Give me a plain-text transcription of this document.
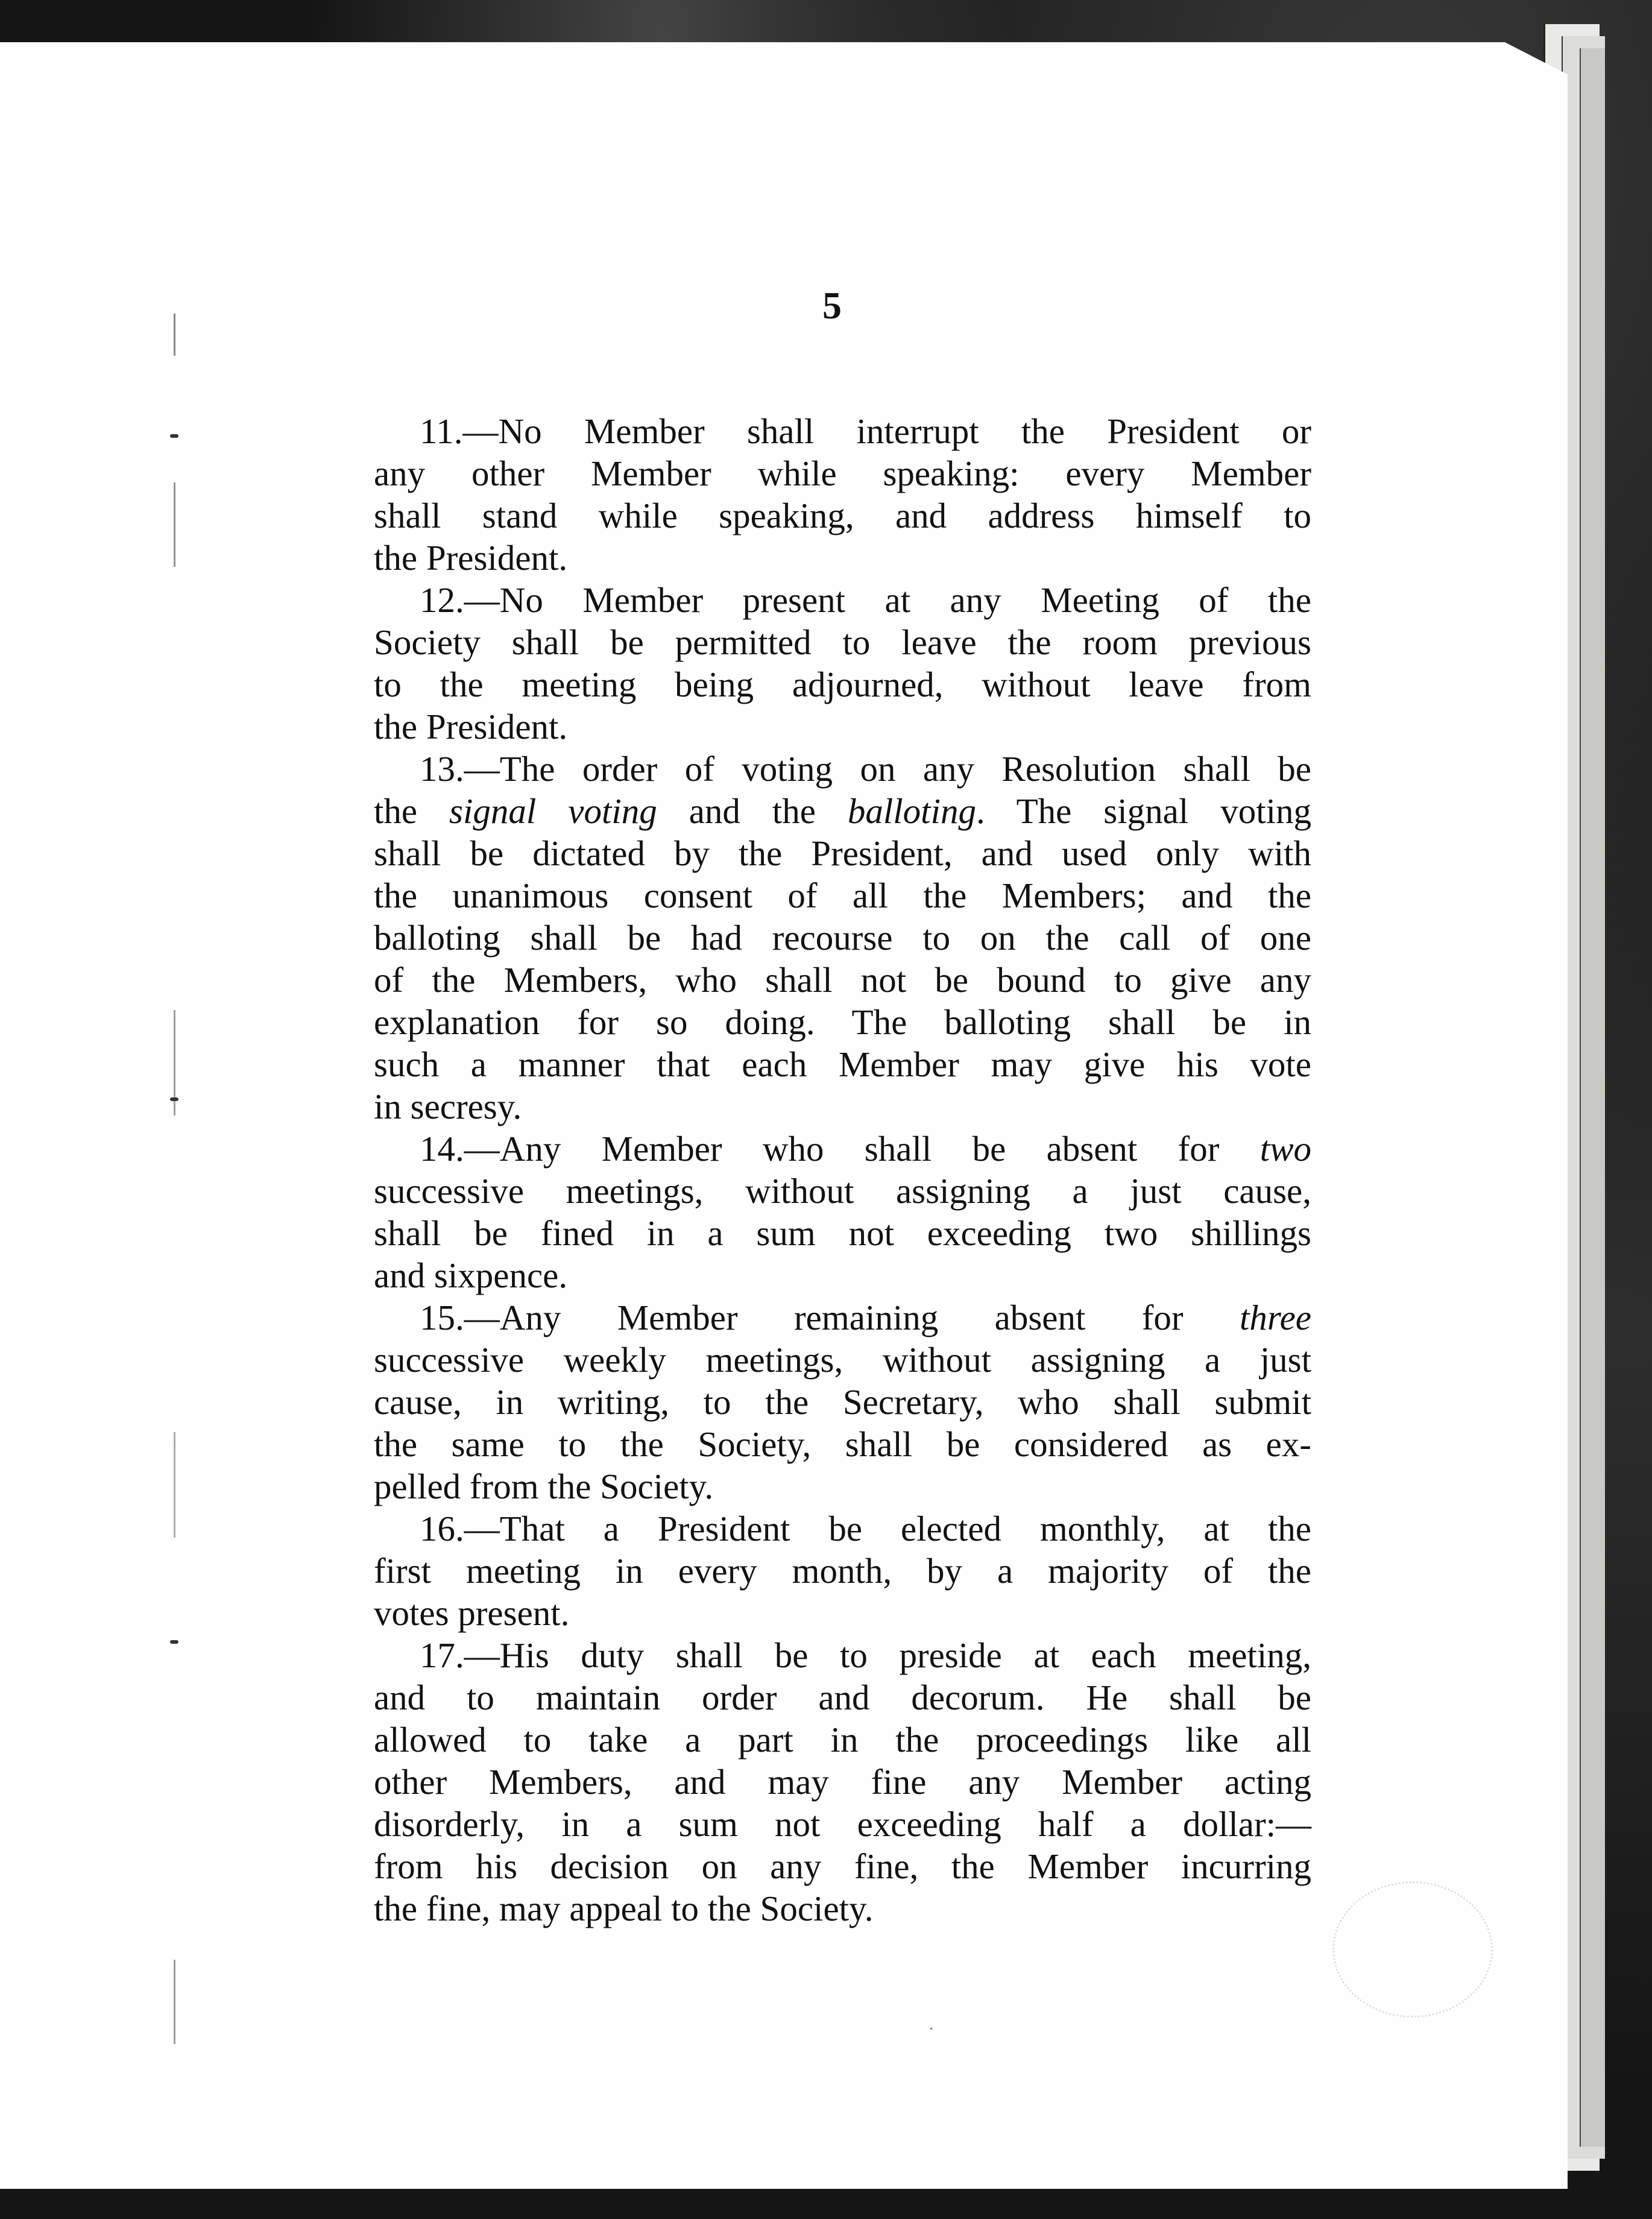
5
11.—No Member shall interrupt the President or
any other Member while speaking: every Member
shall stand while speaking, and address himself to
the President.
12.—No Member present at any Meeting of the
Society shall be permitted to leave the room previous
to the meeting being adjourned, without leave from
the President.
13.—The order of voting on any Resolution shall be
the signal voting and the balloting. The signal voting
shall be dictated by the President, and used only with
the unanimous consent of all the Members; and the
balloting shall be had recourse to on the call of one
of the Members, who shall not be bound to give any
explanation for so doing. The balloting shall be in
such a manner that each Member may give his vote
in secresy.
14.—Any Member who shall be absent for two
successive meetings, without assigning a just cause,
shall be fined in a sum not exceeding two shillings
and sixpence.
15.—Any Member remaining absent for three
successive weekly meetings, without assigning a just
cause, in writing, to the Secretary, who shall submit
the same to the Society, shall be considered as ex-
pelled from the Society.
16.—That a President be elected monthly, at the
first meeting in every month, by a majority of the
votes present.
17.—His duty shall be to preside at each meeting,
and to maintain order and decorum. He shall be
allowed to take a part in the proceedings like all
other Members, and may fine any Member acting
disorderly, in a sum not exceeding half a dollar:—
from his decision on any fine, the Member incurring
the fine, may appeal to the Society.
·
